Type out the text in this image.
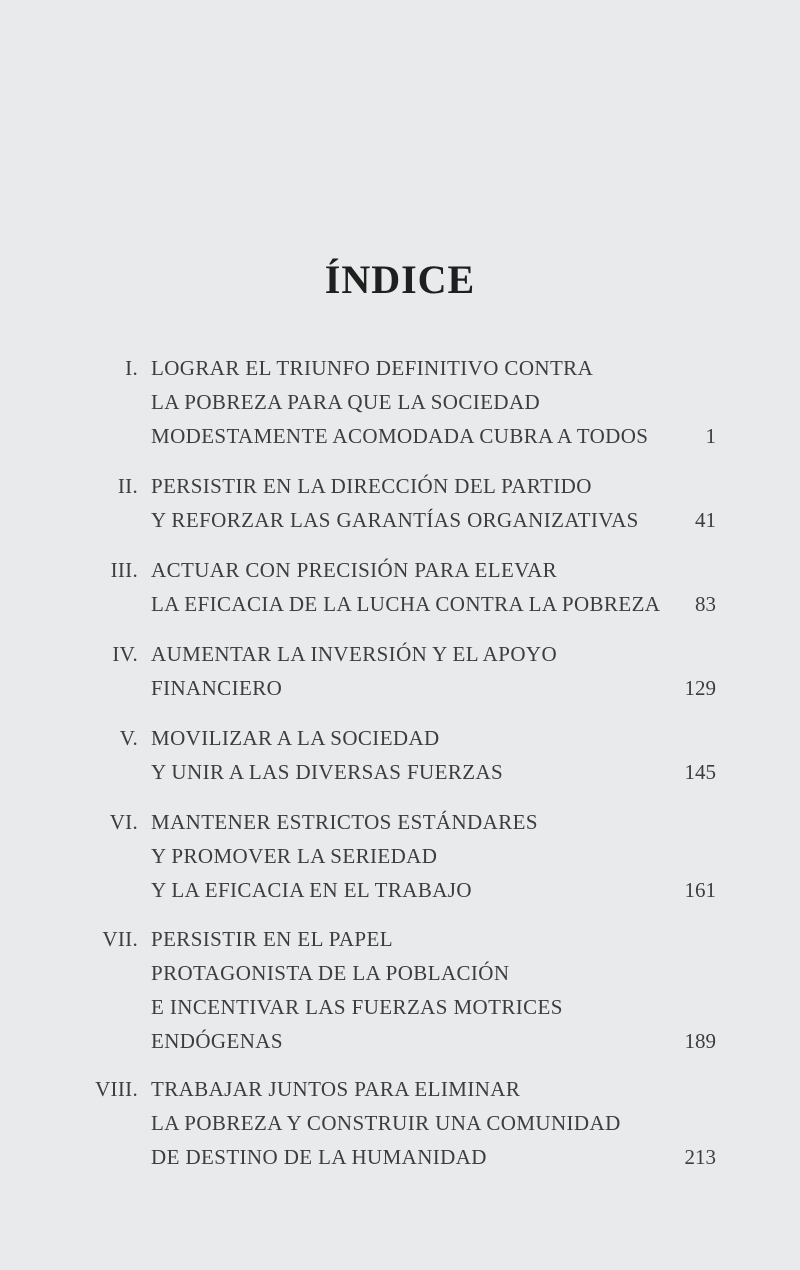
ÍNDICE
I. LOGRAR EL TRIUNFO DEFINITIVO CONTRA
LA POBREZA PARA QUE LA SOCIEDAD
MODESTAMENTE ACOMODADA CUBRA A TODOS	1
II. PERSISTIR EN LA DIRECCIÓN DEL PARTIDO
Y REFORZAR LAS GARANTÍAS ORGANIZATIVAS	41
III. ACTUAR CON PRECISIÓN PARA ELEVAR
LA EFICACIA DE LA LUCHA CONTRA LA POBREZA	83
IV. AUMENTAR LA INVERSIÓN Y EL APOYO
FINANCIERO	129
V. MOVILIZAR A LA SOCIEDAD
Y UNIR A LAS DIVERSAS FUERZAS	145
VI. MANTENER ESTRICTOS ESTÁNDARES
Y PROMOVER LA SERIEDAD
Y LA EFICACIA EN EL TRABAJO	161
VII. PERSISTIR EN EL PAPEL
PROTAGONISTA DE LA POBLACIÓN
E INCENTIVAR LAS FUERZAS MOTRICES
ENDÓGENAS	189
VIII. TRABAJAR JUNTOS PARA ELIMINAR
LA POBREZA Y CONSTRUIR UNA COMUNIDAD
DE DESTINO DE LA HUMANIDAD	213
